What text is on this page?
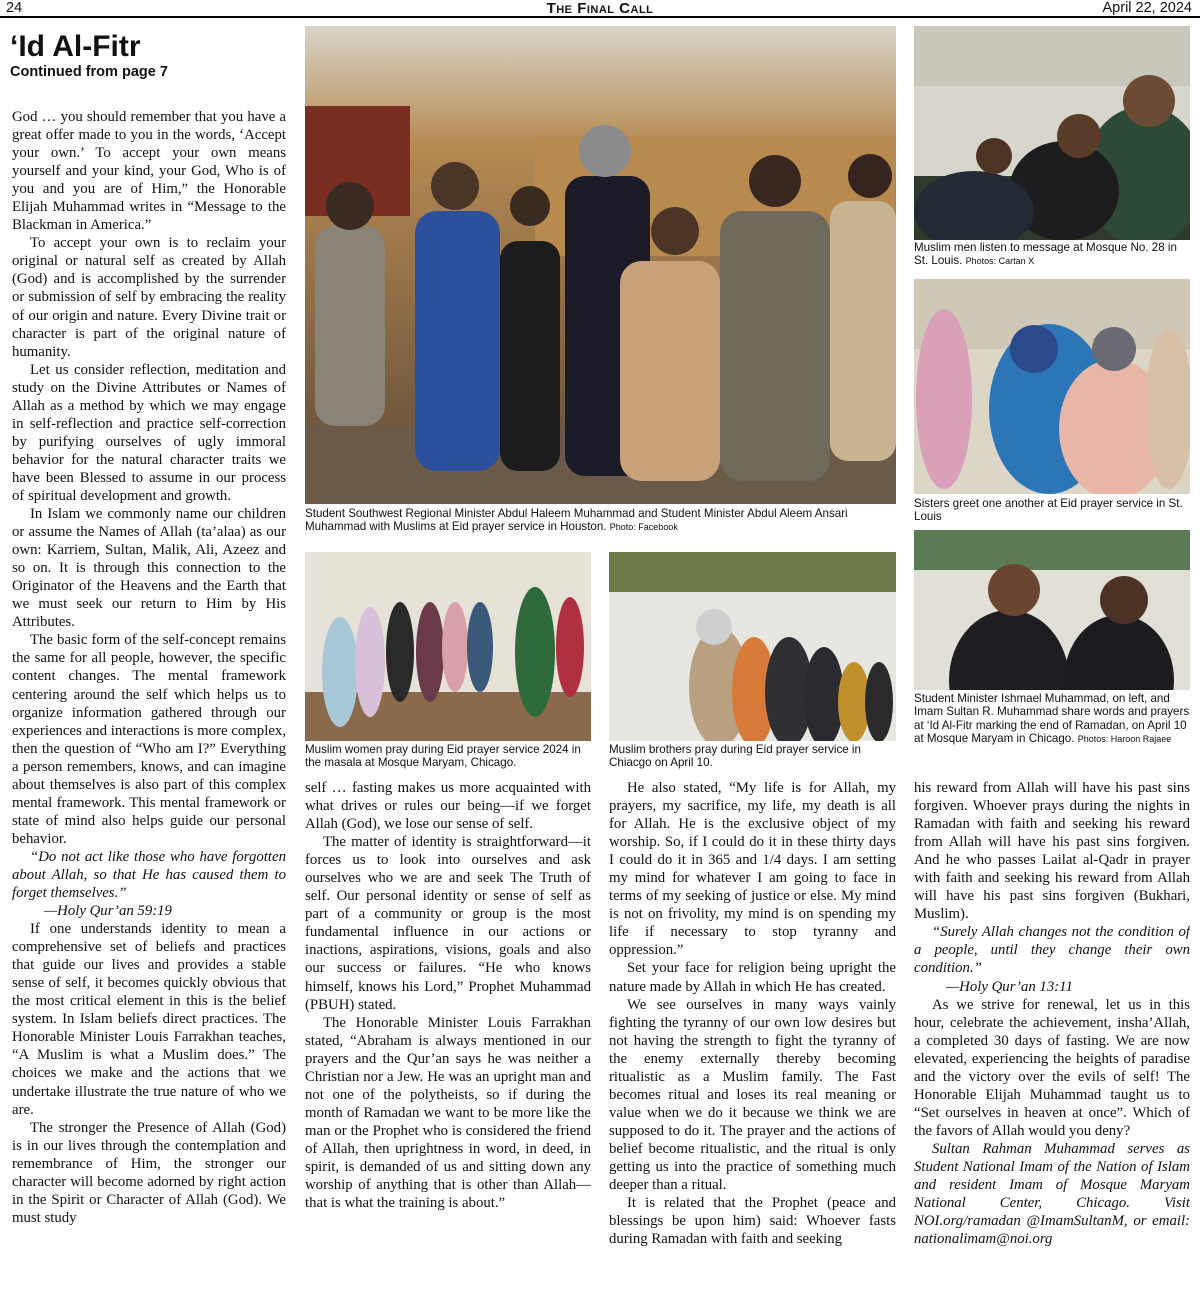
24	The Final Call	April 22, 2024
‘Id Al-Fitr
Continued from page 7

God … you should remember that you have a great offer made to you in the words, ‘Accept your own.’ To accept your own means yourself and your kind, your God, Who is of you and you are of Him,” the Honorable Elijah Muhammad writes in “Message to the Blackman in America.”

To accept your own is to reclaim your original or natural self as created by Allah (God) and is accomplished by the surrender or submission of self by embracing the reality of our origin and nature. Every Divine trait or character is part of the original nature of humanity.

Let us consider reflection, meditation and study on the Divine Attributes or Names of Allah as a method by which we may engage in self-reflection and practice self-correction by purifying ourselves of ugly immoral behavior for the natural character traits we have been Blessed to assume in our process of spiritual development and growth.

In Islam we commonly name our children or assume the Names of Allah (ta’alaa) as our own: Karriem, Sultan, Malik, Ali, Azeez and so on. It is through this connection to the Originator of the Heavens and the Earth that we must seek our return to Him by His Attributes.

The basic form of the self-concept remains the same for all people, however, the specific content changes. The mental framework centering around the self which helps us to organize information gathered through our experiences and interactions is more complex, then the question of “Who am I?” Everything a person remembers, knows, and can imagine about themselves is also part of this complex mental framework. This mental framework or state of mind also helps guide our personal behavior.

“Do not act like those who have forgotten about Allah, so that He has caused them to forget themselves.”

—Holy Qur’an 59:19

If one understands identity to mean a comprehensive set of beliefs and practices that guide our lives and provides a stable sense of self, it becomes quickly obvious that the most critical element in this is the belief system. In Islam beliefs direct practices. The Honorable Minister Louis Farrakhan teaches, “A Muslim is what a Muslim does.” The choices we make and the actions that we undertake illustrate the true nature of who we are.

The stronger the Presence of Allah (God) is in our lives through the contemplation and remembrance of Him, the stronger our character will become adorned by right action in the Spirit or Character of Allah (God). We must study

Student Southwest Regional Minister Abdul Haleem Muhammad and Student Minister Abdul Aleem Ansari Muhammad with Muslims at Eid prayer service in Houston. Photo: Facebook
Muslim men listen to message at Mosque No. 28 in St. Louis. Photos: Cartan X
Sisters greet one another at Eid prayer service in St. Louis
Muslim women pray during Eid prayer service 2024 in the masala at Mosque Maryam, Chicago.
Muslim brothers pray during Eid prayer service in Chiacgo on April 10.
Student Minister Ishmael Muhammad, on left, and Imam Sultan R. Muhammad share words and prayers at ‘Id Al-Fitr marking the end of Ramadan, on April 10 at Mosque Maryam in Chicago. Photos: Haroon Rajaee

self … fasting makes us more acquainted with what drives or rules our being—if we forget Allah (God), we lose our sense of self.

The matter of identity is straightforward—it forces us to look into ourselves and ask ourselves who we are and seek The Truth of self. Our personal identity or sense of self as part of a community or group is the most fundamental influence in our actions or inactions, aspirations, visions, goals and also our success or failures. “He who knows himself, knows his Lord,” Prophet Muhammad (PBUH) stated.

The Honorable Minister Louis Farrakhan stated, “Abraham is always mentioned in our prayers and the Qur’an says he was neither a Christian nor a Jew. He was an upright man and not one of the polytheists, so if during the month of Ramadan we want to be more like the man or the Prophet who is considered the friend of Allah, then uprightness in word, in deed, in spirit, is demanded of us and sitting down any worship of anything that is other than Allah—that is what the training is about.”

He also stated, “My life is for Allah, my prayers, my sacrifice, my life, my death is all for Allah. He is the exclusive object of my worship. So, if I could do it in these thirty days I could do it in 365 and 1/4 days. I am setting my mind for whatever I am going to face in terms of my seeking of justice or else. My mind is not on frivolity, my mind is on spending my life if necessary to stop tyranny and oppression.”

Set your face for religion being upright the nature made by Allah in which He has created.

We see ourselves in many ways vainly fighting the tyranny of our own low desires but not having the strength to fight the tyranny of the enemy externally thereby becoming ritualistic as a Muslim family. The Fast becomes ritual and loses its real meaning or value when we do it because we think we are supposed to do it. The prayer and the actions of belief become ritualistic, and the ritual is only getting us into the practice of something much deeper than a ritual.

It is related that the Prophet (peace and blessings be upon him) said: Whoever fasts during Ramadan with faith and seeking

his reward from Allah will have his past sins forgiven. Whoever prays during the nights in Ramadan with faith and seeking his reward from Allah will have his past sins forgiven. And he who passes Lailat al-Qadr in prayer with faith and seeking his reward from Allah will have his past sins forgiven (Bukhari, Muslim).

“Surely Allah changes not the condition of a people, until they change their own condition.”

—Holy Qur’an 13:11

As we strive for renewal, let us in this hour, celebrate the achievement, insha’Allah, a completed 30 days of fasting. We are now elevated, experiencing the heights of paradise and the victory over the evils of self! The Honorable Elijah Muhammad taught us to “Set ourselves in heaven at once”. Which of the favors of Allah would you deny?

Sultan Rahman Muhammad serves as Student National Imam of the Nation of Islam and resident Imam of Mosque Maryam National Center, Chicago. Visit NOI.org/ramadan @ImamSultanM, or email: nationalimam@noi.org
